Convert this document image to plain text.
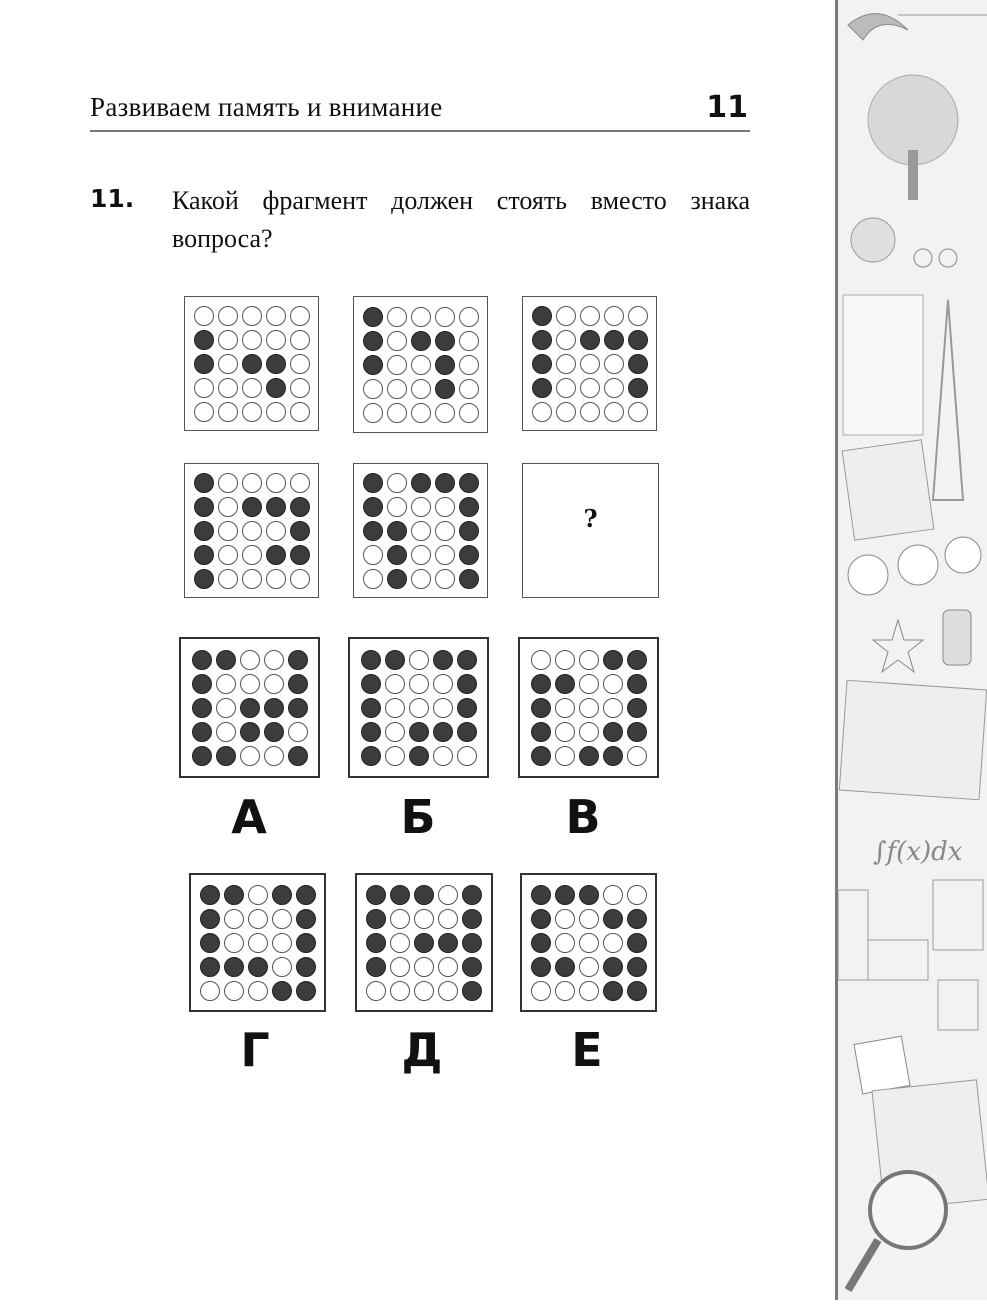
Развиваем память и внимание	11
11. Какой фрагмент должен стоять вместо знака вопроса?
?
А	Б	В
Г	Д	Е
∫f(x)dx
